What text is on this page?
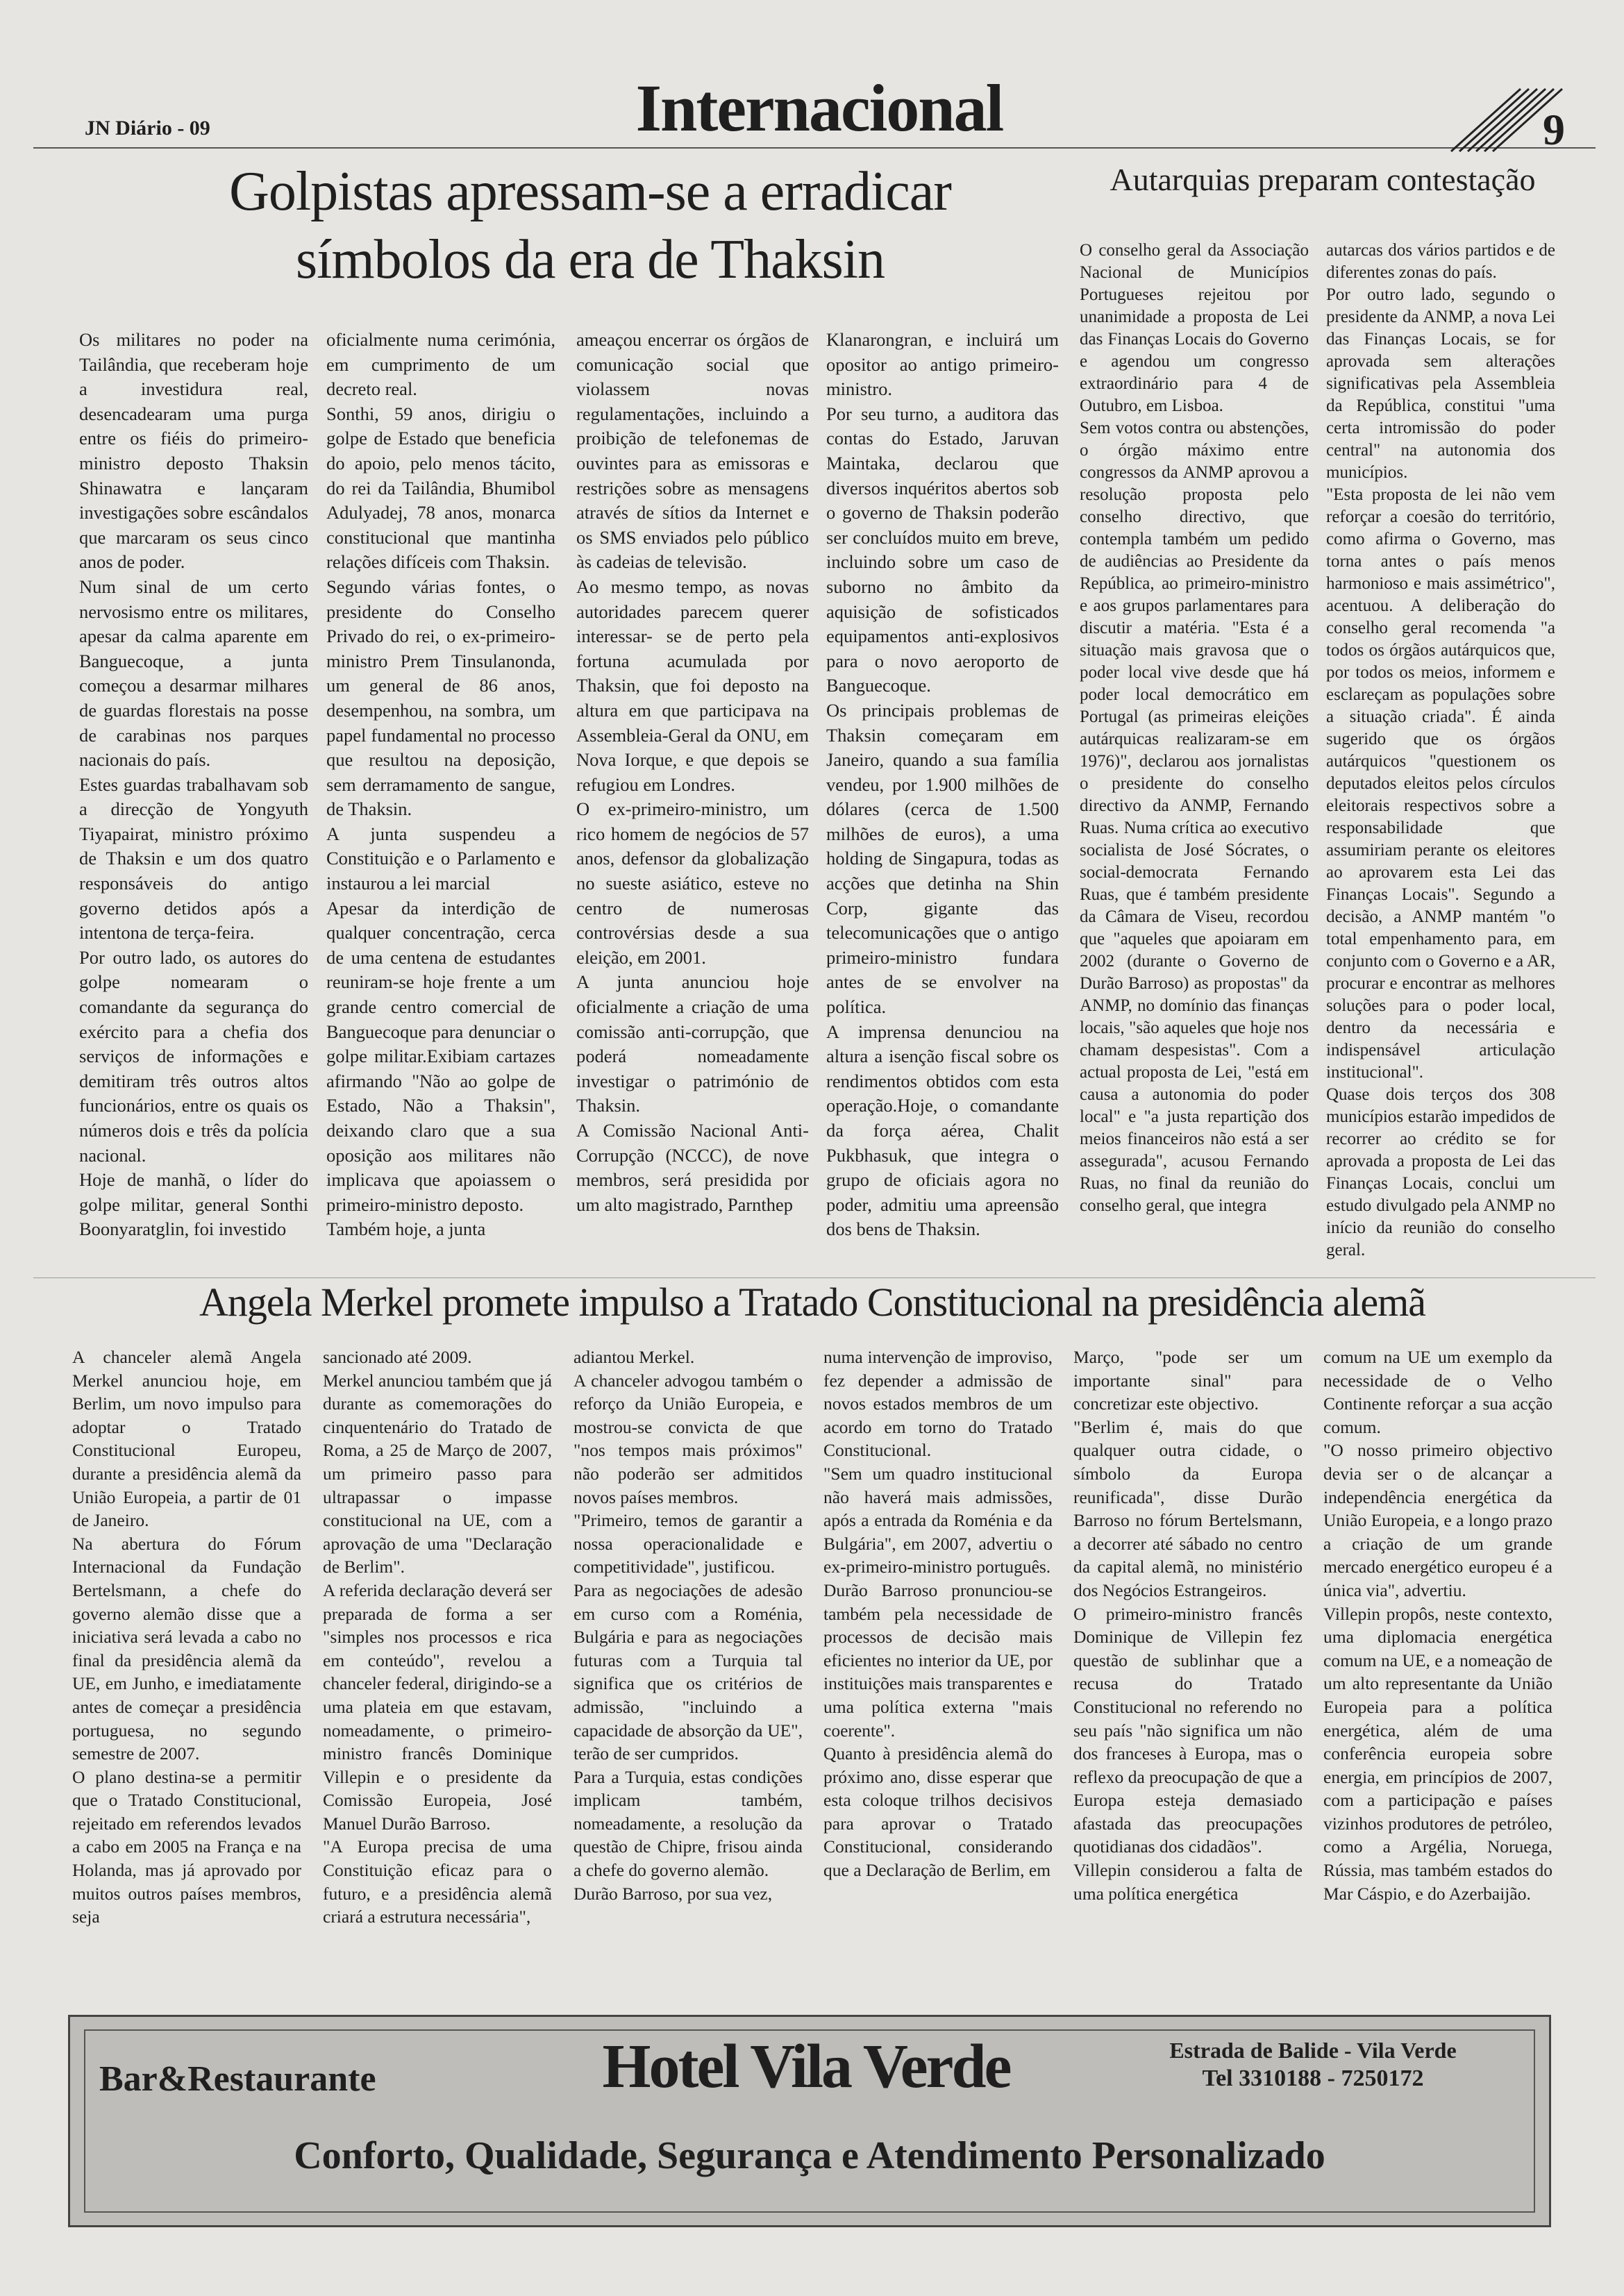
JN Diário - 09	Internacional	9
Golpistas apressam-se a erradicar
símbolos da era de Thaksin

Os militares no poder na Tailândia, que receberam hoje a investidura real, desencadearam uma purga entre os fiéis do primeiro-ministro deposto Thaksin Shinawatra e lançaram investigações sobre escândalos que marcaram os seus cinco anos de poder.

Num sinal de um certo nervosismo entre os militares, apesar da calma aparente em Banguecoque, a junta começou a desarmar milhares de guardas florestais na posse de carabinas nos parques nacionais do país.

Estes guardas trabalhavam sob a direcção de Yongyuth Tiyapairat, ministro próximo de Thaksin e um dos quatro responsáveis do antigo governo detidos após a intentona de terça-feira.

Por outro lado, os autores do golpe nomearam o comandante da segurança do exército para a chefia dos serviços de informações e demitiram três outros altos funcionários, entre os quais os números dois e três da polícia nacional.

Hoje de manhã, o líder do golpe militar, general Sonthi Boonyaratglin, foi investido

oficialmente numa cerimónia, em cumprimento de um decreto real.

Sonthi, 59 anos, dirigiu o golpe de Estado que beneficia do apoio, pelo menos tácito, do rei da Tailândia, Bhumibol Adulyadej, 78 anos, monarca constitucional que mantinha relações difíceis com Thaksin.

Segundo várias fontes, o presidente do Conselho Privado do rei, o ex-primeiro-ministro Prem Tinsulanonda, um general de 86 anos, desempenhou, na sombra, um papel fundamental no processo que resultou na deposição, sem derramamento de sangue, de Thaksin.

A junta suspendeu a Constituição e o Parlamento e instaurou a lei marcial

Apesar da interdição de qualquer concentração, cerca de uma centena de estudantes reuniram-se hoje frente a um grande centro comercial de Banguecoque para denunciar o golpe militar.Exibiam cartazes afirmando "Não ao golpe de Estado, Não a Thaksin", deixando claro que a sua oposição aos militares não implicava que apoiassem o primeiro-ministro deposto.

Também hoje, a junta

ameaçou encerrar os órgãos de comunicação social que violassem novas regulamentações, incluindo a proibição de telefonemas de ouvintes para as emissoras e restrições sobre as mensagens através de sítios da Internet e os SMS enviados pelo público às cadeias de televisão.

Ao mesmo tempo, as novas autoridades parecem querer interessar- se de perto pela fortuna acumulada por Thaksin, que foi deposto na altura em que participava na Assembleia-Geral da ONU, em Nova Iorque, e que depois se refugiou em Londres.

O ex-primeiro-ministro, um rico homem de negócios de 57 anos, defensor da globalização no sueste asiático, esteve no centro de numerosas controvérsias desde a sua eleição, em 2001.

A junta anunciou hoje oficialmente a criação de uma comissão anti-corrupção, que poderá nomeadamente investigar o património de Thaksin.

A Comissão Nacional Anti-Corrupção (NCCC), de nove membros, será presidida por um alto magistrado, Parnthep

Klanarongran, e incluirá um opositor ao antigo primeiro-ministro.

Por seu turno, a auditora das contas do Estado, Jaruvan Maintaka, declarou que diversos inquéritos abertos sob o governo de Thaksin poderão ser concluídos muito em breve, incluindo sobre um caso de suborno no âmbito da aquisição de sofisticados equipamentos anti-explosivos para o novo aeroporto de Banguecoque.

Os principais problemas de Thaksin começaram em Janeiro, quando a sua família vendeu, por 1.900 milhões de dólares (cerca de 1.500 milhões de euros), a uma holding de Singapura, todas as acções que detinha na Shin Corp, gigante das telecomunicações que o antigo primeiro-ministro fundara antes de se envolver na política.

A imprensa denunciou na altura a isenção fiscal sobre os rendimentos obtidos com esta operação.Hoje, o comandante da força aérea, Chalit Pukbhasuk, que integra o grupo de oficiais agora no poder, admitiu uma apreensão dos bens de Thaksin.

Autarquias preparam contestação

O conselho geral da Associação Nacional de Municípios Portugueses rejeitou por unanimidade a proposta de Lei das Finanças Locais do Governo e agendou um congresso extraordinário para 4 de Outubro, em Lisboa.

Sem votos contra ou abstenções, o órgão máximo entre congressos da ANMP aprovou a resolução proposta pelo conselho directivo, que contempla também um pedido de audiências ao Presidente da República, ao primeiro-ministro e aos grupos parlamentares para discutir a matéria. "Esta é a situação mais gravosa que o poder local vive desde que há poder local democrático em Portugal (as primeiras eleições autárquicas realizaram-se em 1976)", declarou aos jornalistas o presidente do conselho directivo da ANMP, Fernando Ruas. Numa crítica ao executivo socialista de José Sócrates, o social-democrata Fernando Ruas, que é também presidente da Câmara de Viseu, recordou que "aqueles que apoiaram em 2002 (durante o Governo de Durão Barroso) as propostas" da ANMP, no domínio das finanças locais, "são aqueles que hoje nos chamam despesistas". Com a actual proposta de Lei, "está em causa a autonomia do poder local" e "a justa repartição dos meios financeiros não está a ser assegurada", acusou Fernando Ruas, no final da reunião do conselho geral, que integra

autarcas dos vários partidos e de diferentes zonas do país.

Por outro lado, segundo o presidente da ANMP, a nova Lei das Finanças Locais, se for aprovada sem alterações significativas pela Assembleia da República, constitui "uma certa intromissão do poder central" na autonomia dos municípios.

"Esta proposta de lei não vem reforçar a coesão do território, como afirma o Governo, mas torna antes o país menos harmonioso e mais assimétrico", acentuou. A deliberação do conselho geral recomenda "a todos os órgãos autárquicos que, por todos os meios, informem e esclareçam as populações sobre a situação criada". É ainda sugerido que os órgãos autárquicos "questionem os deputados eleitos pelos círculos eleitorais respectivos sobre a responsabilidade que assumiriam perante os eleitores ao aprovarem esta Lei das Finanças Locais". Segundo a decisão, a ANMP mantém "o total empenhamento para, em conjunto com o Governo e a AR, procurar e encontrar as melhores soluções para o poder local, dentro da necessária e indispensável articulação institucional".

Quase dois terços dos 308 municípios estarão impedidos de recorrer ao crédito se for aprovada a proposta de Lei das Finanças Locais, conclui um estudo divulgado pela ANMP no início da reunião do conselho geral.

Angela Merkel promete impulso a Tratado Constitucional na presidência alemã

A chanceler alemã Angela Merkel anunciou hoje, em Berlim, um novo impulso para adoptar o Tratado Constitucional Europeu, durante a presidência alemã da União Europeia, a partir de 01 de Janeiro.

Na abertura do Fórum Internacional da Fundação Bertelsmann, a chefe do governo alemão disse que a iniciativa será levada a cabo no final da presidência alemã da UE, em Junho, e imediatamente antes de começar a presidência portuguesa, no segundo semestre de 2007.

O plano destina-se a permitir que o Tratado Constitucional, rejeitado em referendos levados a cabo em 2005 na França e na Holanda, mas já aprovado por muitos outros países membros, seja

sancionado até 2009.

Merkel anunciou também que já durante as comemorações do cinquentenário do Tratado de Roma, a 25 de Março de 2007, um primeiro passo para ultrapassar o impasse constitucional na UE, com a aprovação de uma "Declaração de Berlim".

A referida declaração deverá ser preparada de forma a ser "simples nos processos e rica em conteúdo", revelou a chanceler federal, dirigindo-se a uma plateia em que estavam, nomeadamente, o primeiro-ministro francês Dominique Villepin e o presidente da Comissão Europeia, José Manuel Durão Barroso.

"A Europa precisa de uma Constituição eficaz para o futuro, e a presidência alemã criará a estrutura necessária",

adiantou Merkel.

A chanceler advogou também o reforço da União Europeia, e mostrou-se convicta de que "nos tempos mais próximos" não poderão ser admitidos novos países membros.

"Primeiro, temos de garantir a nossa operacionalidade e competitividade", justificou.

Para as negociações de adesão em curso com a Roménia, Bulgária e para as negociações futuras com a Turquia tal significa que os critérios de admissão, "incluindo a capacidade de absorção da UE", terão de ser cumpridos.

Para a Turquia, estas condições implicam também, nomeadamente, a resolução da questão de Chipre, frisou ainda a chefe do governo alemão.

Durão Barroso, por sua vez,

numa intervenção de improviso, fez depender a admissão de novos estados membros de um acordo em torno do Tratado Constitucional.

"Sem um quadro institucional não haverá mais admissões, após a entrada da Roménia e da Bulgária", em 2007, advertiu o ex-primeiro-ministro português.

Durão Barroso pronunciou-se também pela necessidade de processos de decisão mais eficientes no interior da UE, por instituições mais transparentes e uma política externa "mais coerente".

Quanto à presidência alemã do próximo ano, disse esperar que esta coloque trilhos decisivos para aprovar o Tratado Constitucional, considerando que a Declaração de Berlim, em

Março, "pode ser um importante sinal" para concretizar este objectivo.

"Berlim é, mais do que qualquer outra cidade, o símbolo da Europa reunificada", disse Durão Barroso no fórum Bertelsmann, a decorrer até sábado no centro da capital alemã, no ministério dos Negócios Estrangeiros.

O primeiro-ministro francês Dominique de Villepin fez questão de sublinhar que a recusa do Tratado Constitucional no referendo no seu país "não significa um não dos franceses à Europa, mas o reflexo da preocupação de que a Europa esteja demasiado afastada das preocupações quotidianas dos cidadãos".

Villepin considerou a falta de uma política energética

comum na UE um exemplo da necessidade de o Velho Continente reforçar a sua acção comum.

"O nosso primeiro objectivo devia ser o de alcançar a independência energética da União Europeia, e a longo prazo a criação de um grande mercado energético europeu é a única via", advertiu.

Villepin propôs, neste contexto, uma diplomacia energética comum na UE, e a nomeação de um alto representante da União Europeia para a política energética, além de uma conferência europeia sobre energia, em princípios de 2007, com a participação e países vizinhos produtores de petróleo, como a Argélia, Noruega, Rússia, mas também estados do Mar Cáspio, e do Azerbaijão.

Bar&Restaurante	Hotel Vila Verde	Estrada de Balide - Vila Verde
Tel 3310188 - 7250172
Conforto, Qualidade, Segurança e Atendimento Personalizado
